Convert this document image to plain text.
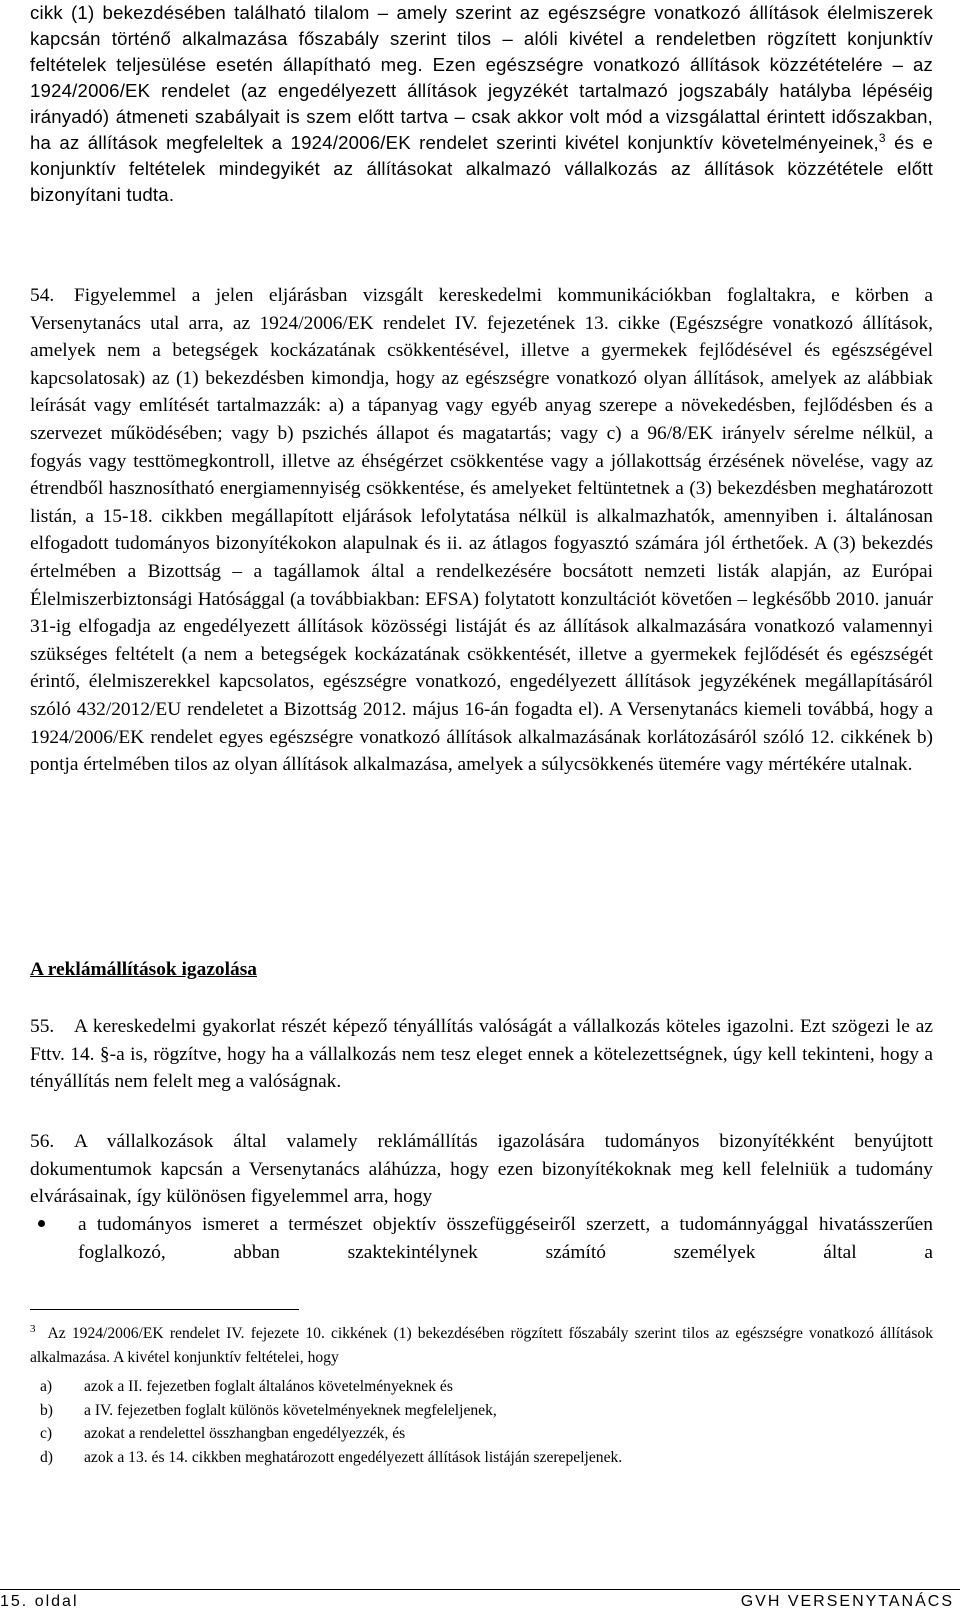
cikk (1) bekezdésében található tilalom ‒ amely szerint az egészségre vonatkozó állítások élelmiszerek kapcsán történő alkalmazása főszabály szerint tilos ‒ alóli kivétel a rendeletben rögzített konjunktív feltételek teljesülése esetén állapítható meg. Ezen egészségre vonatkozó állítások közzétételére ‒ az 1924/2006/EK rendelet (az engedélyezett állítások jegyzékét tartalmazó jogszabály hatályba lépéséig irányadó) átmeneti szabályait is szem előtt tartva ‒ csak akkor volt mód a vizsgálattal érintett időszakban, ha az állítások megfeleltek a 1924/2006/EK rendelet szerinti kivétel konjunktív követelményeinek,$^3$ és e konjunktív feltételek mindegyikét az állításokat alkalmazó vállalkozás az állítások közzététele előtt bizonyítani tudta.

54. Figyelemmel a jelen eljárásban vizsgált kereskedelmi kommunikációkban foglaltakra, e körben a Versenytanács utal arra, az 1924/2006/EK rendelet IV. fejezetének 13. cikke (Egészségre vonatkozó állítások, amelyek nem a betegségek kockázatának csökkentésével, illetve a gyermekek fejlődésével és egészségével kapcsolatosak) az (1) bekezdésben kimondja, hogy az egészségre vonatkozó olyan állítások, amelyek az alábbiak leírását vagy említését tartalmazzák: a) a tápanyag vagy egyéb anyag szerepe a növekedésben, fejlődésben és a szervezet működésében; vagy b) pszichés állapot és magatartás; vagy c) a 96/8/EK irányelv sérelme nélkül, a fogyás vagy testtömegkontroll, illetve az éhségérzet csökkentése vagy a jóllakottság érzésének növelése, vagy az étrendből hasznosítható energiamennyiség csökkentése, és amelyeket feltüntetnek a (3) bekezdésben meghatározott listán, a 15-18. cikkben megállapított eljárások lefolytatása nélkül is alkalmazhatók, amennyiben i. általánosan elfogadott tudományos bizonyítékokon alapulnak és ii. az átlagos fogyasztó számára jól érthetőek. A (3) bekezdés értelmében a Bizottság ‒ a tagállamok által a rendelkezésére bocsátott nemzeti listák alapján, az Európai Élelmiszerbiztonsági Hatósággal (a továbbiakban: EFSA) folytatott konzultációt követően ‒ legkésőbb 2010. január 31-ig elfogadja az engedélyezett állítások közösségi listáját és az állítások alkalmazására vonatkozó valamennyi szükséges feltételt (a nem a betegségek kockázatának csökkentését, illetve a gyermekek fejlődését és egészségét érintő, élelmiszerekkel kapcsolatos, egészségre vonatkozó, engedélyezett állítások jegyzékének megállapításáról szóló 432/2012/EU rendeletet a Bizottság 2012. május 16-án fogadta el). A Versenytanács kiemeli továbbá, hogy a 1924/2006/EK rendelet egyes egészségre vonatkozó állítások alkalmazásának korlátozásáról szóló 12. cikkének b) pontja értelmében tilos az olyan állítások alkalmazása, amelyek a súlycsökkenés ütemére vagy mértékére utalnak.

A reklámállítások igazolása

55. A kereskedelmi gyakorlat részét képező tényállítás valóságát a vállalkozás köteles igazolni. Ezt szögezi le az Fttv. 14. §-a is, rögzítve, hogy ha a vállalkozás nem tesz eleget ennek a kötelezettségnek, úgy kell tekinteni, hogy a tényállítás nem felelt meg a valóságnak.

56. A vállalkozások által valamely reklámállítás igazolására tudományos bizonyítékként benyújtott dokumentumok kapcsán a Versenytanács aláhúzza, hogy ezen bizonyítékoknak meg kell felelniük a tudomány elvárásainak, így különösen figyelemmel arra, hogy

a tudományos ismeret a természet objektív összefüggéseiről szerzett, a tudománnyággal hivatásszerűen foglalkozó, abban szaktekintélynek számító személyek által a

$^3$ Az 1924/2006/EK rendelet IV. fejezete 10. cikkének (1) bekezdésében rögzített főszabály szerint tilos az egészségre vonatkozó állítások alkalmazása. A kivétel konjunktív feltételei, hogy

a)	azok a II. fejezetben foglalt általános követelményeknek és
b)	a IV. fejezetben foglalt különös követelményeknek megfeleljenek,
c)	azokat a rendelettel összhangban engedélyezzék, és
d)	azok a 13. és 14. cikkben meghatározott engedélyezett állítások listáján szerepeljenek.
15. oldal	GVH VERSENYTANÁCS
